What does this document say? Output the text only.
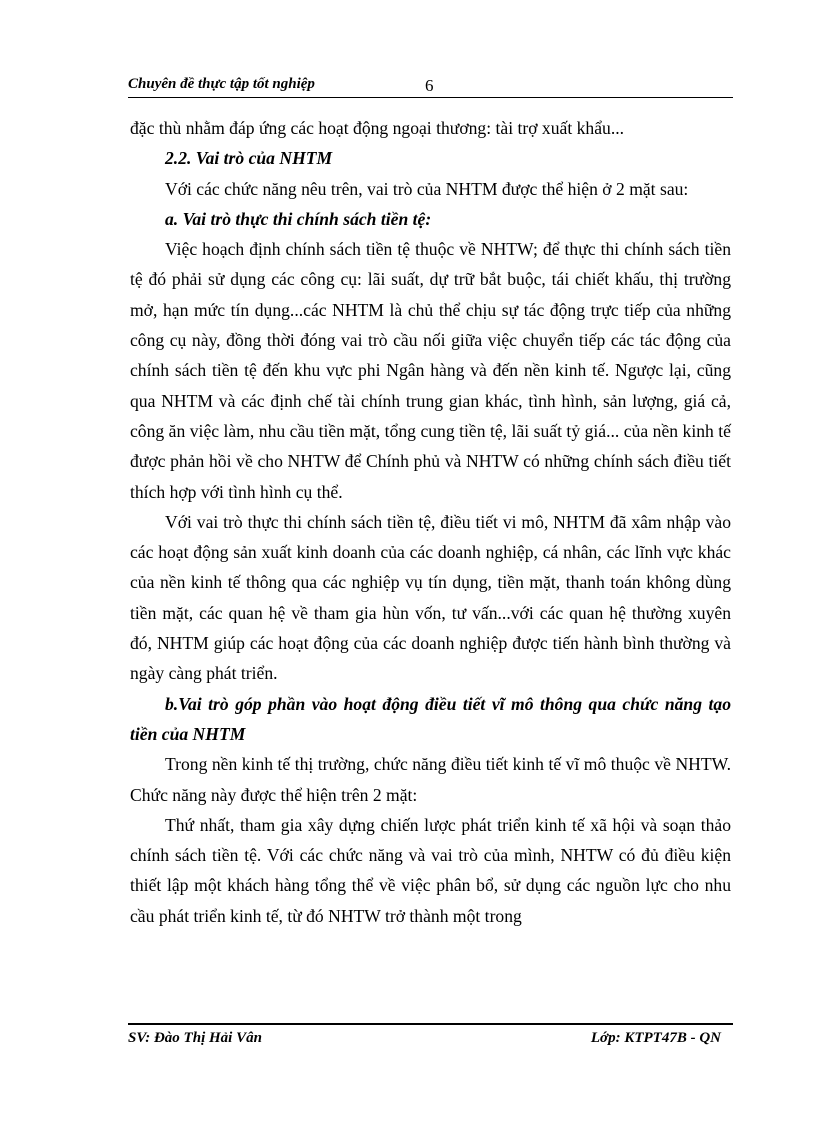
Chuyên đề thực tập tốt nghiệp	6

đặc thù nhằm đáp ứng các hoạt động ngoại thương: tài trợ xuất khẩu...

2.2. Vai trò của NHTM

Với các chức năng nêu trên, vai trò của NHTM được thể hiện ở 2 mặt sau:

a. Vai trò thực thi chính sách tiền tệ:

Việc hoạch định chính sách tiền tệ thuộc về NHTW; để thực thi chính sách tiền tệ đó phải sử dụng các công cụ: lãi suất, dự trữ bắt buộc, tái chiết khấu, thị trường mở, hạn mức tín dụng...các NHTM là chủ thể chịu sự tác động trực tiếp của những công cụ này, đồng thời đóng vai trò cầu nối giữa việc chuyển tiếp các tác động của chính sách tiền tệ đến khu vực phi Ngân hàng và đến nền kinh tế. Ngược lại, cũng qua NHTM và các định chế tài chính trung gian khác, tình hình, sản lượng, giá cả, công ăn việc làm, nhu cầu tiền mặt, tổng cung tiền tệ, lãi suất tỷ giá... của nền kinh tế được phản hồi về cho NHTW để Chính phủ và NHTW có những chính sách điều tiết thích hợp với tình hình cụ thể.

Với vai trò thực thi chính sách tiền tệ, điều tiết vi mô, NHTM đã xâm nhập vào các hoạt động sản xuất kinh doanh của các doanh nghiệp, cá nhân, các lĩnh vực khác của nền kinh tế thông qua các nghiệp vụ tín dụng, tiền mặt, thanh toán không dùng tiền mặt, các quan hệ về tham gia hùn vốn, tư vấn...với các quan hệ thường xuyên đó, NHTM giúp các hoạt động của các doanh nghiệp được tiến hành bình thường và ngày càng phát triển.

b.Vai trò góp phần vào hoạt động điều tiết vĩ mô thông qua chức năng tạo tiền của NHTM

Trong nền kinh tế thị trường, chức năng điều tiết kinh tế vĩ mô thuộc về NHTW. Chức năng này được thể hiện trên 2 mặt:

Thứ nhất, tham gia xây dựng chiến lược phát triển kinh tế xã hội và soạn thảo chính sách tiền tệ. Với các chức năng và vai trò của mình, NHTW có đủ điều kiện thiết lập một khách hàng tổng thể về việc phân bổ, sử dụng các nguồn lực cho nhu cầu phát triển kinh tế, từ đó NHTW trở thành một trong

SV: Đào Thị Hải Vân	Lớp: KTPT47B - QN
